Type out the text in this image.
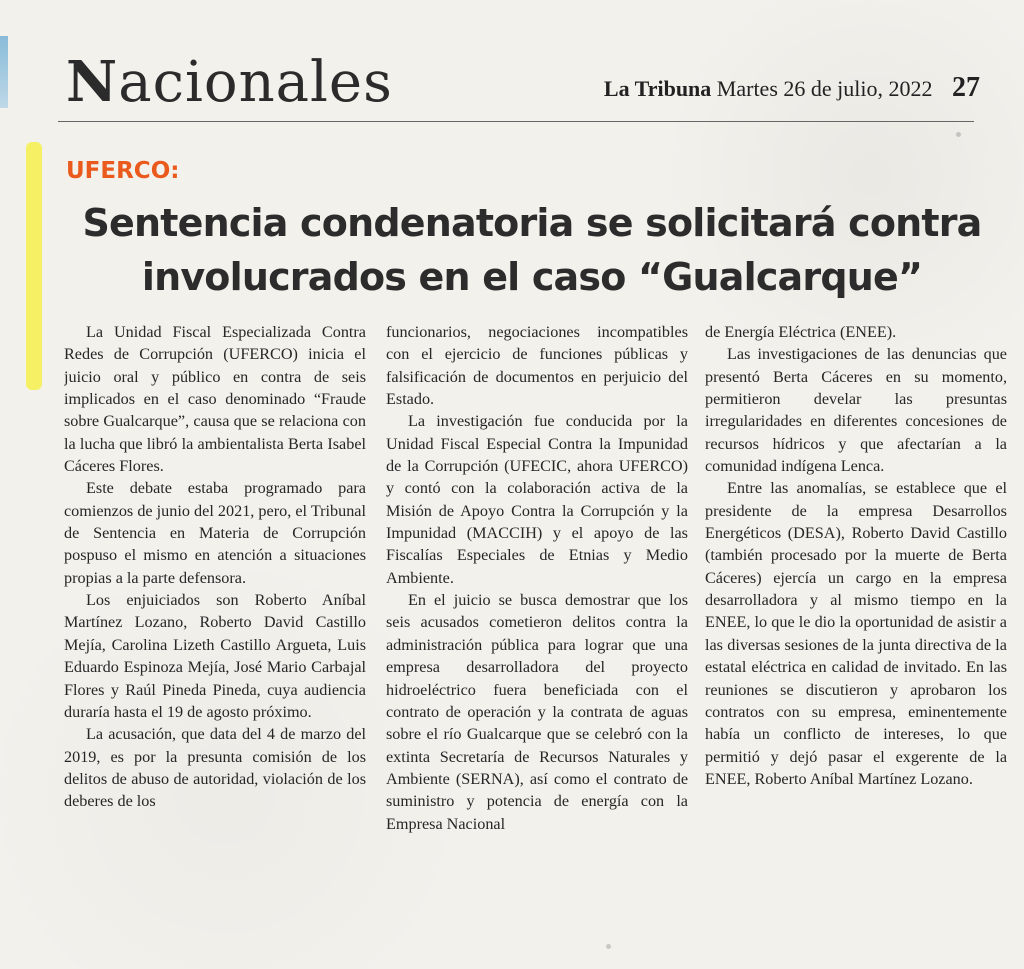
Nacionales	La Tribuna Martes 26 de julio, 2022 27
UFERCO:
Sentencia condenatoria se solicitará contra involucrados en el caso “Gualcarque”

La Unidad Fiscal Especializada Contra Redes de Corrupción (UFERCO) inicia el juicio oral y público en contra de seis implicados en el caso denominado “Fraude sobre Gualcarque”, causa que se relaciona con la lucha que libró la ambientalista Berta Isabel Cáceres Flores.

Este debate estaba programado para comienzos de junio del 2021, pero, el Tribunal de Sentencia en Materia de Corrupción pospuso el mismo en atención a situaciones propias a la parte defensora.

Los enjuiciados son Roberto Aníbal Martínez Lozano, Roberto David Castillo Mejía, Carolina Lizeth Castillo Argueta, Luis Eduardo Espinoza Mejía, José Mario Carbajal Flores y Raúl Pineda Pineda, cuya audiencia duraría hasta el 19 de agosto próximo.

La acusación, que data del 4 de marzo del 2019, es por la presunta comisión de los delitos de abuso de autoridad, violación de los deberes de los

funcionarios, negociaciones incompatibles con el ejercicio de funciones públicas y falsificación de documentos en perjuicio del Estado.

La investigación fue conducida por la Unidad Fiscal Especial Contra la Impunidad de la Corrupción (UFECIC, ahora UFERCO) y contó con la colaboración activa de la Misión de Apoyo Contra la Corrupción y la Impunidad (MACCIH) y el apoyo de las Fiscalías Especiales de Etnias y Medio Ambiente.

En el juicio se busca demostrar que los seis acusados cometieron delitos contra la administración pública para lograr que una empresa desarrolladora del proyecto hidroeléctrico fuera beneficiada con el contrato de operación y la contrata de aguas sobre el río Gualcarque que se celebró con la extinta Secretaría de Recursos Naturales y Ambiente (SERNA), así como el contrato de suministro y potencia de energía con la Empresa Nacional

de Energía Eléctrica (ENEE).

Las investigaciones de las denuncias que presentó Berta Cáceres en su momento, permitieron develar las presuntas irregularidades en diferentes concesiones de recursos hídricos y que afectarían a la comunidad indígena Lenca.

Entre las anomalías, se establece que el presidente de la empresa Desarrollos Energéticos (DESA), Roberto David Castillo (también procesado por la muerte de Berta Cáceres) ejercía un cargo en la empresa desarrolladora y al mismo tiempo en la ENEE, lo que le dio la oportunidad de asistir a las diversas sesiones de la junta directiva de la estatal eléctrica en calidad de invitado. En las reuniones se discutieron y aprobaron los contratos con su empresa, eminentemente había un conflicto de intereses, lo que permitió y dejó pasar el exgerente de la ENEE, Roberto Aníbal Martínez Lozano.
